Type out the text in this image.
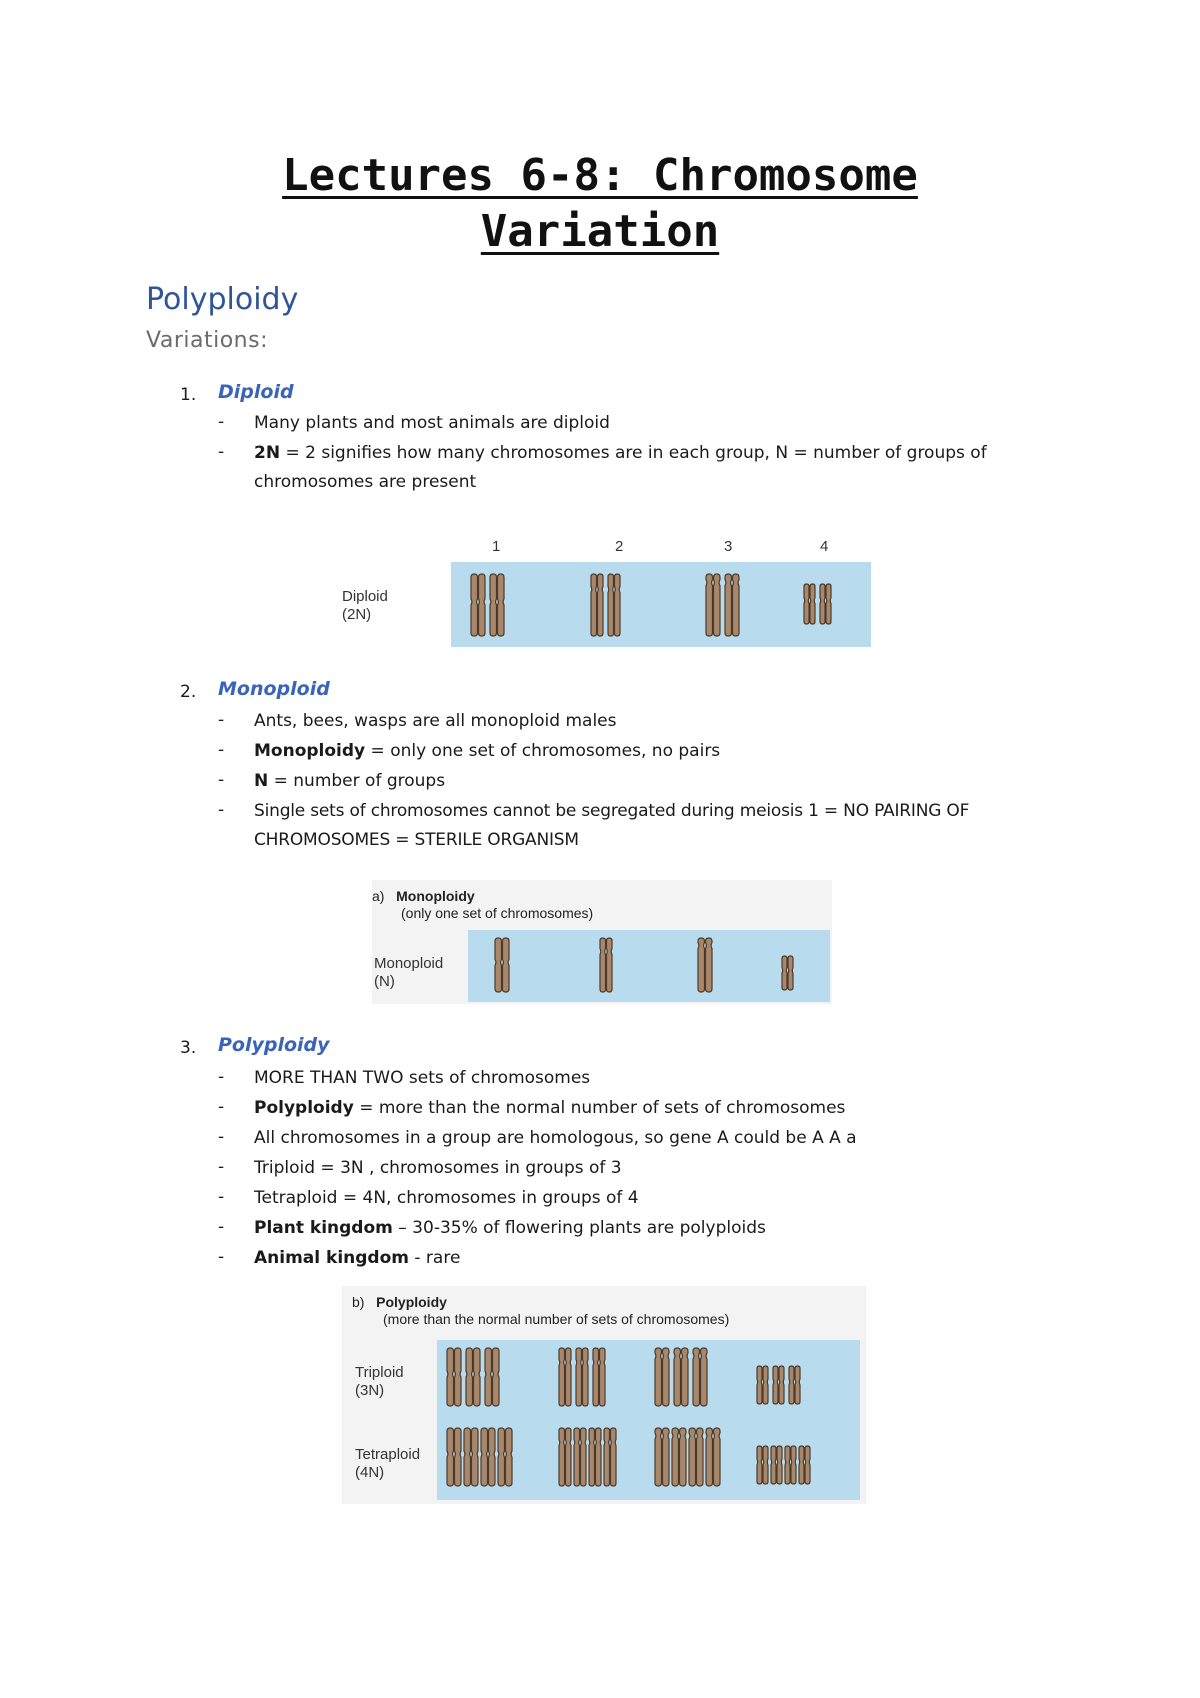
Lectures 6-8: Chromosome
Variation
Polyploidy
Variations:
1. Diploid
- Many plants and most animals are diploid
- 2N = 2 signifies how many chromosomes are in each group, N = number of groups of chromosomes are present
1	2	3	4
Diploid
(2N)
2. Monoploid
- Ants, bees, wasps are all monoploid males
- Monoploidy = only one set of chromosomes, no pairs
- N = number of groups
- Single sets of chromosomes cannot be segregated during meiosis 1 = NO PAIRING OF CHROMOSOMES = STERILE ORGANISM
a) Monoploidy
(only one set of chromosomes)
Monoploid
(N)
3. Polyploidy
- MORE THAN TWO sets of chromosomes
- Polyploidy = more than the normal number of sets of chromosomes
- All chromosomes in a group are homologous, so gene A could be A A a
- Triploid = 3N , chromosomes in groups of 3
- Tetraploid = 4N, chromosomes in groups of 4
- Plant kingdom – 30-35% of flowering plants are polyploids
- Animal kingdom - rare
b) Polyploidy
(more than the normal number of sets of chromosomes)
Triploid
(3N)
Tetraploid
(4N)
